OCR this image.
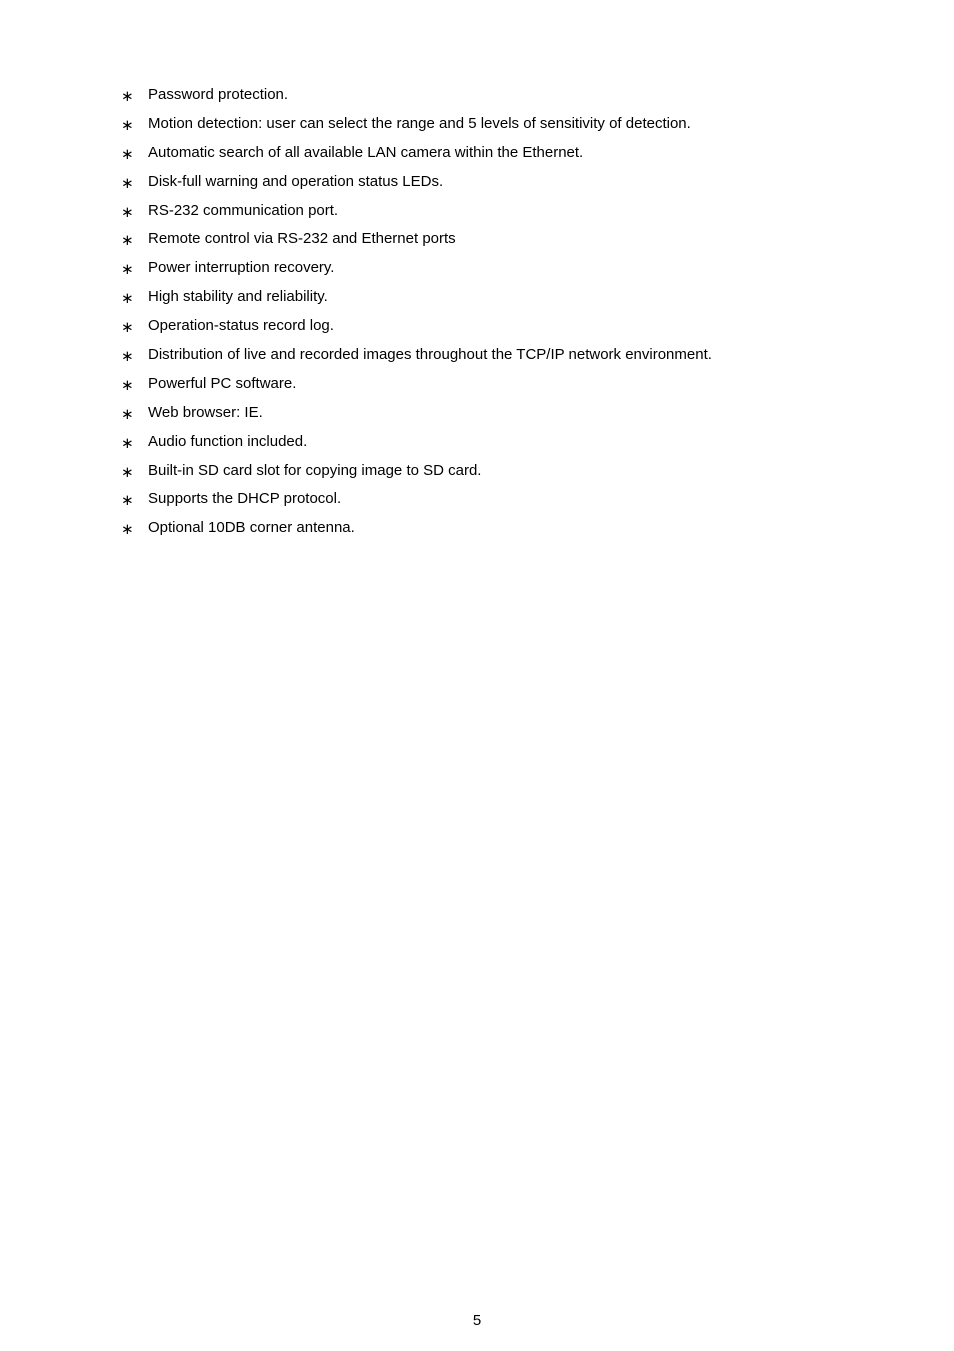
∗ Password protection.
∗ Motion detection: user can select the range and 5 levels of sensitivity of detection.
∗ Automatic search of all available LAN camera within the Ethernet.
∗ Disk-full warning and operation status LEDs.
∗ RS-232 communication port.
∗ Remote control via RS-232 and Ethernet ports
∗ Power interruption recovery.
∗ High stability and reliability.
∗ Operation-status record log.
∗ Distribution of live and recorded images throughout the TCP/IP network environment.
∗ Powerful PC software.
∗ Web browser: IE.
∗ Audio function included.
∗ Built-in SD card slot for copying image to SD card.
∗ Supports the DHCP protocol.
∗ Optional 10DB corner antenna.
5
